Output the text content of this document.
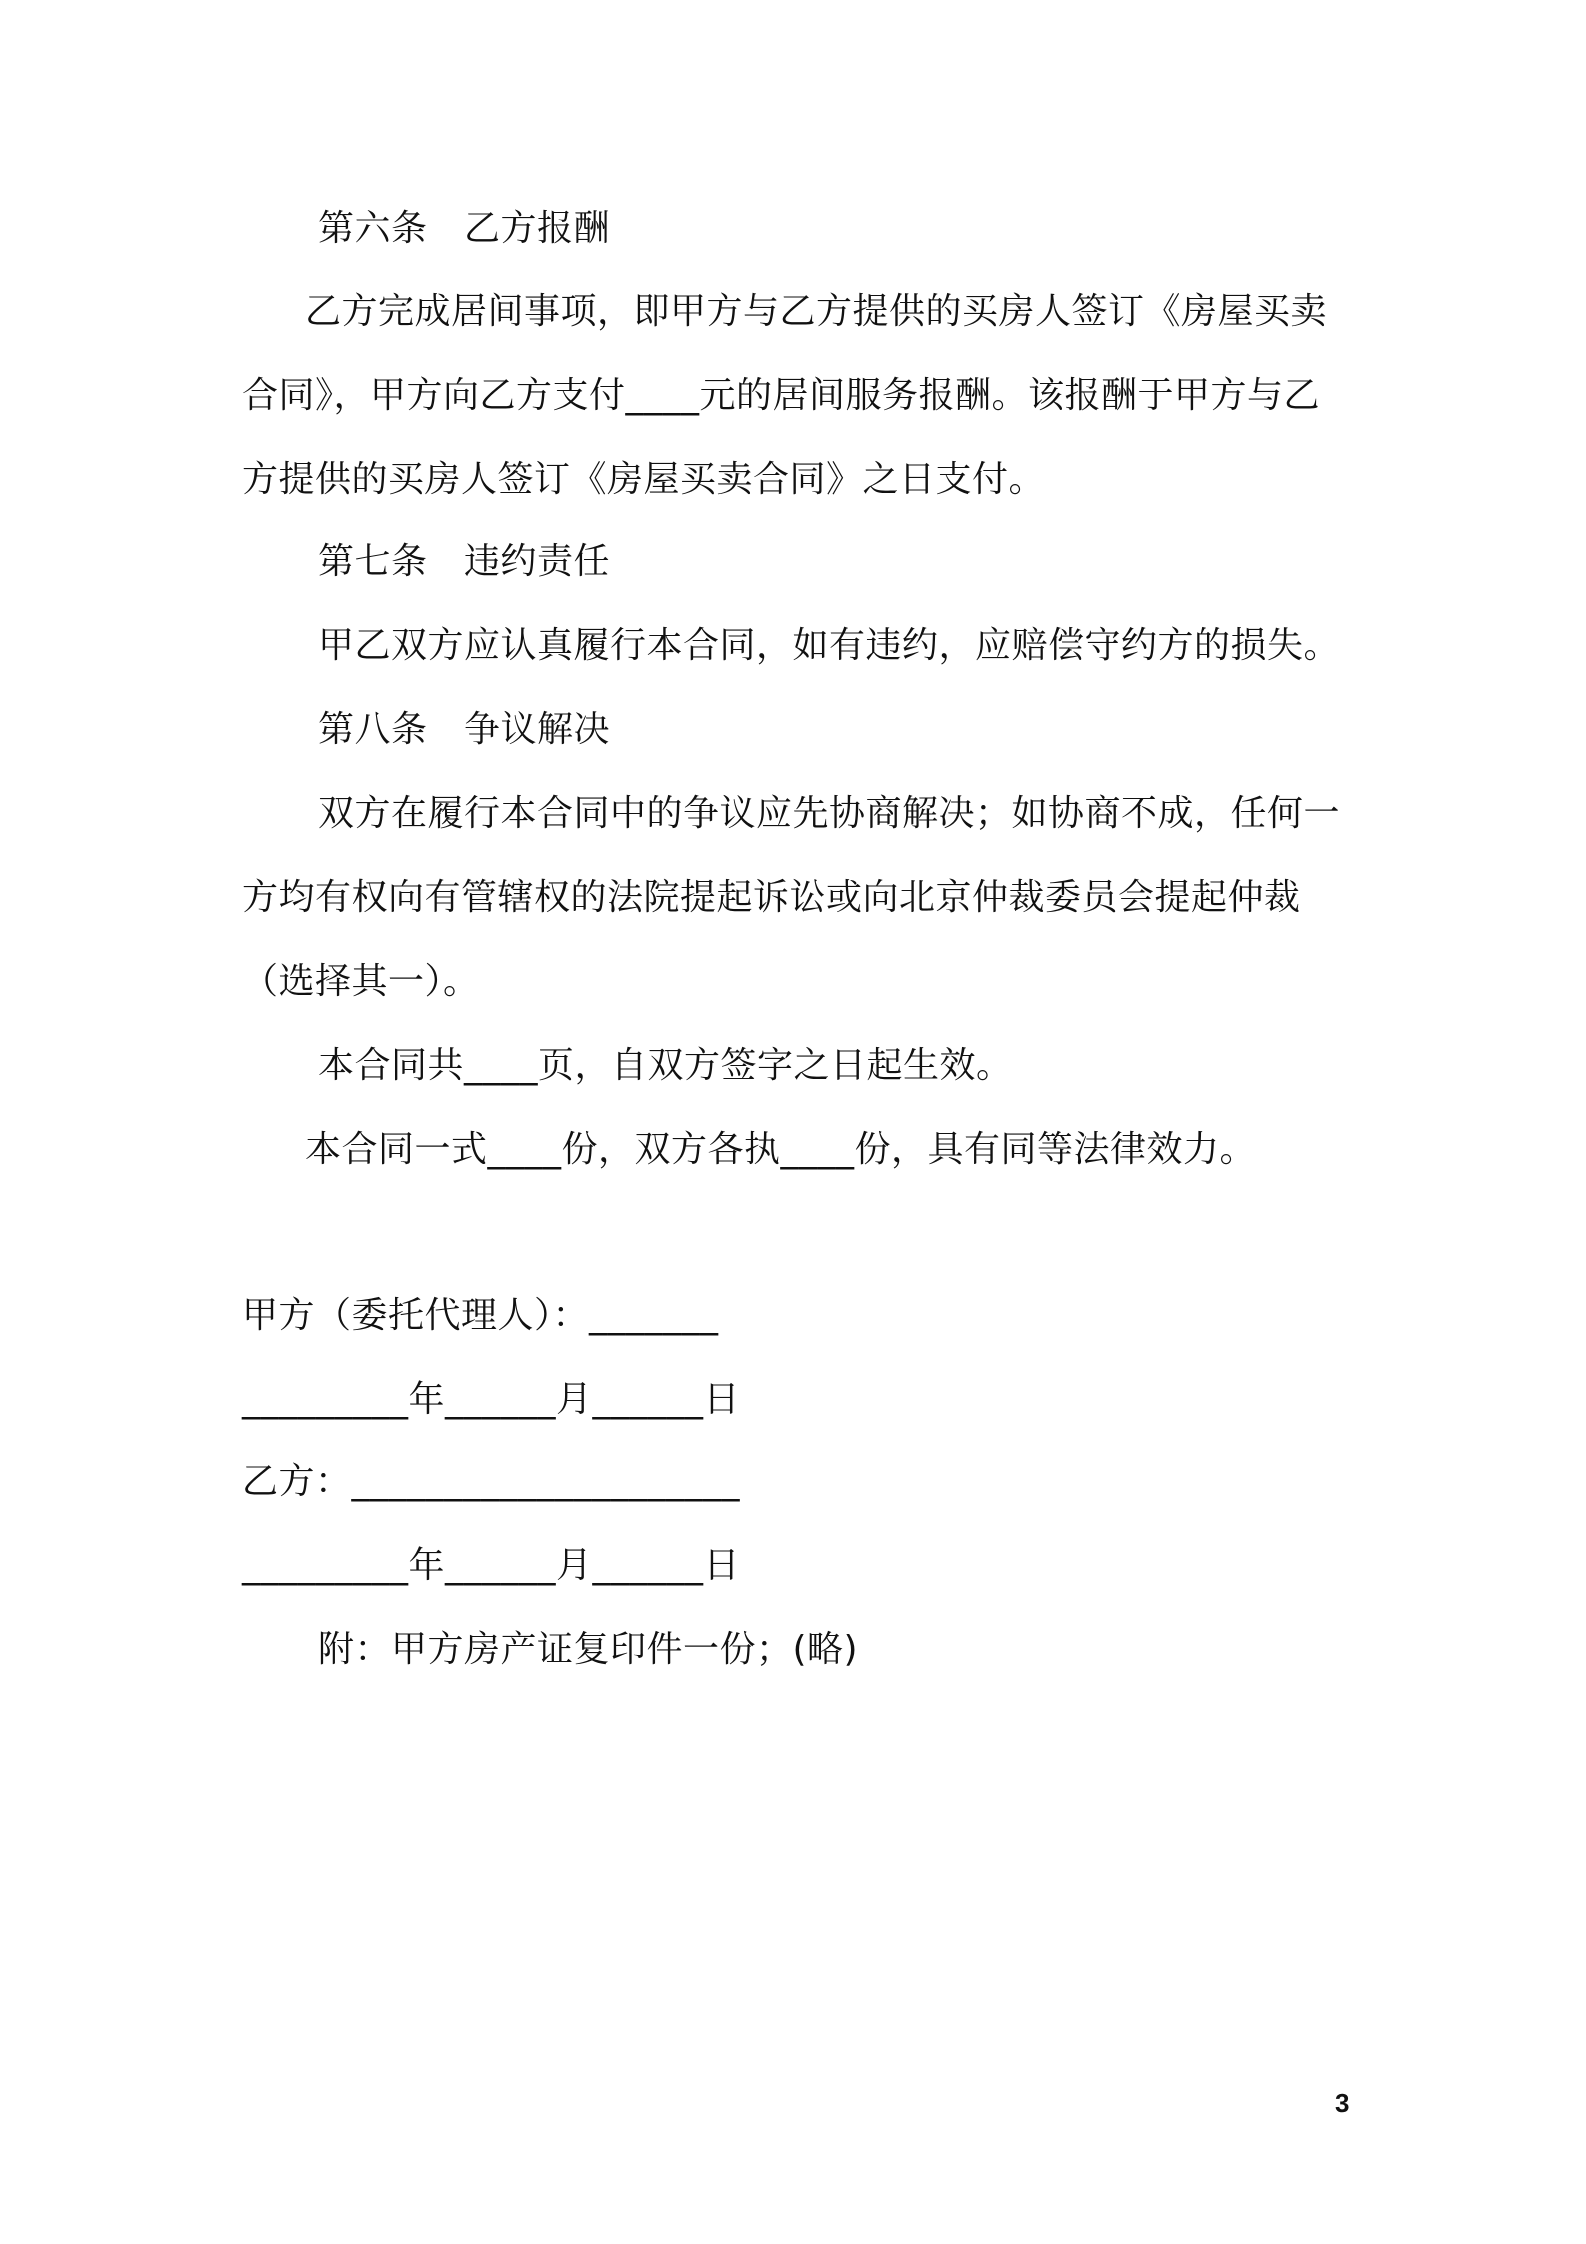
第六条　乙方报酬
乙方完成居间事项，即甲方与乙方提供的买房人签订《房屋买卖
合同》，甲方向乙方支付____元的居间服务报酬。该报酬于甲方与乙
方提供的买房人签订《房屋买卖合同》之日支付。
第七条　违约责任
甲乙双方应认真履行本合同，如有违约，应赔偿守约方的损失。
第八条　争议解决
双方在履行本合同中的争议应先协商解决；如协商不成，任何一
方均有权向有管辖权的法院提起诉讼或向北京仲裁委员会提起仲裁
（选择其一）。
本合同共____页，自双方签字之日起生效。
本合同一式____份，双方各执____份，具有同等法律效力。
甲方（委托代理人）：_______
_________年______月______日
乙方：_____________________
_________年______月______日
附：甲方房产证复印件一份；(略)
3
